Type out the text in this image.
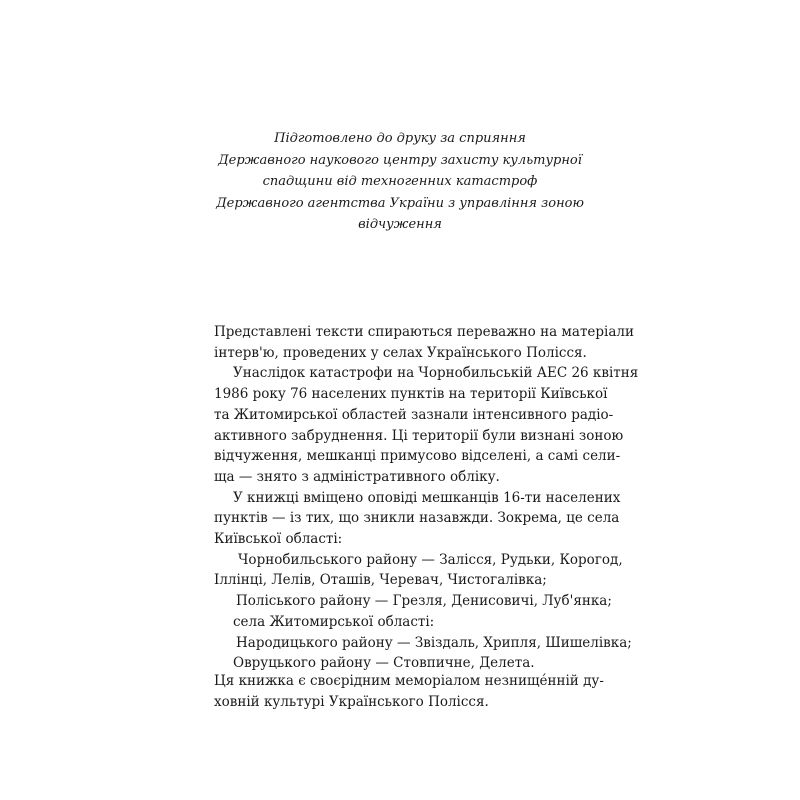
Підготовлено до друку за сприяння
Державного наукового центру захисту культурної
спадщини від техногенних катастроф
Державного агентства України з управління зоною
відчуження
Представлені тексти спираються переважно на матеріали
інтерв'ю, проведених у селах Українського Полісся.
Унаслідок катастрофи на Чорнобильській АЕС 26 квітня
1986 року 76 населених пунктів на території Київської
та Житомирської областей зазнали інтенсивного радіо-
активного забруднення. Ці території були визнані зоною
відчуження, мешканці примусово відселені, а самі сели-
ща — знято з адміністративного обліку.
У книжці вміщено оповіді мешканців 16-ти населених
пунктів — із тих, що зникли назавжди. Зокрема, це села
Київської області:
Чорнобильського району — Залісся, Рудьки, Корогод,
Іллінці, Лелів, Оташів, Черевач, Чистогалівка;
Поліського району — Грезля, Денисовичі, Луб'янка;
села Житомирської області:
Народицького району — Звіздаль, Хрипля, Шишелівка;
Овруцького району — Стовпичне, Делета.
Ця книжка є своєрідним меморіалом незнищéнній ду-
ховній культурі Українського Полісся.
